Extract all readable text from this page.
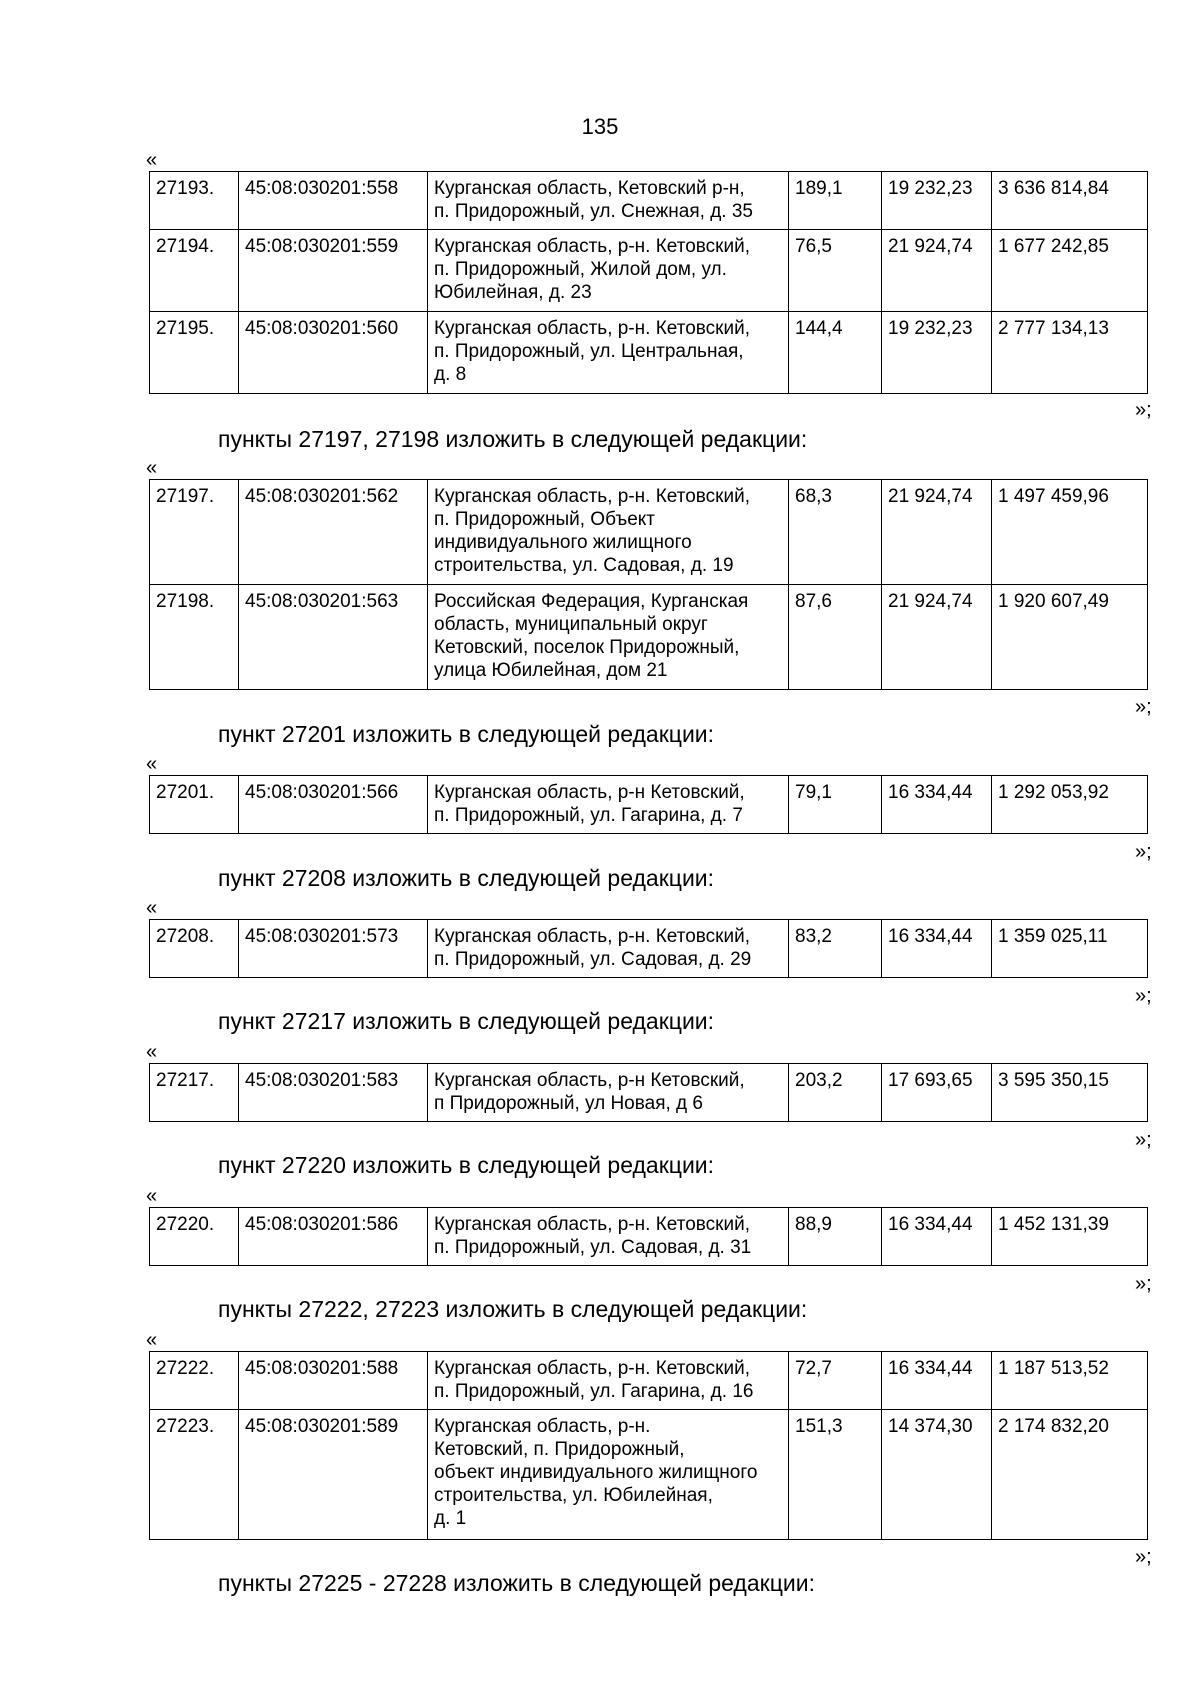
135
«
27193.	45:08:030201:558	Курганская область, Кетовский р-н,
п. Придорожный, ул. Снежная, д. 35	189,1	19 232,23	3 636 814,84
27194.	45:08:030201:559	Курганская область, р-н. Кетовский,
п. Придорожный, Жилой дом, ул.
Юбилейная, д. 23	76,5	21 924,74	1 677 242,85
27195.	45:08:030201:560	Курганская область, р-н. Кетовский,
п. Придорожный, ул. Центральная,
д. 8	144,4	19 232,23	2 777 134,13
»;
пункты 27197, 27198 изложить в следующей редакции:
«
27197.	45:08:030201:562	Курганская область, р-н. Кетовский,
п. Придорожный, Объект
индивидуального жилищного
строительства, ул. Садовая, д. 19	68,3	21 924,74	1 497 459,96
27198.	45:08:030201:563	Российская Федерация, Курганская
область, муниципальный округ
Кетовский, поселок Придорожный,
улица Юбилейная, дом 21	87,6	21 924,74	1 920 607,49
»;
пункт 27201 изложить в следующей редакции:
«
27201.	45:08:030201:566	Курганская область, р-н Кетовский,
п. Придорожный, ул. Гагарина, д. 7	79,1	16 334,44	1 292 053,92
»;
пункт 27208 изложить в следующей редакции:
«
27208.	45:08:030201:573	Курганская область, р-н. Кетовский,
п. Придорожный, ул. Садовая, д. 29	83,2	16 334,44	1 359 025,11
»;
пункт 27217 изложить в следующей редакции:
«
27217.	45:08:030201:583	Курганская область, р-н Кетовский,
п Придорожный, ул Новая, д 6	203,2	17 693,65	3 595 350,15
»;
пункт 27220 изложить в следующей редакции:
«
27220.	45:08:030201:586	Курганская область, р-н. Кетовский,
п. Придорожный, ул. Садовая, д. 31	88,9	16 334,44	1 452 131,39
»;
пункты 27222, 27223 изложить в следующей редакции:
«
27222.	45:08:030201:588	Курганская область, р-н. Кетовский,
п. Придорожный, ул. Гагарина, д. 16	72,7	16 334,44	1 187 513,52
27223.	45:08:030201:589	Курганская область, р-н.
Кетовский, п. Придорожный,
объект индивидуального жилищного
строительства, ул. Юбилейная,
д. 1	151,3	14 374,30	2 174 832,20
»;
пункты 27225 - 27228 изложить в следующей редакции:
